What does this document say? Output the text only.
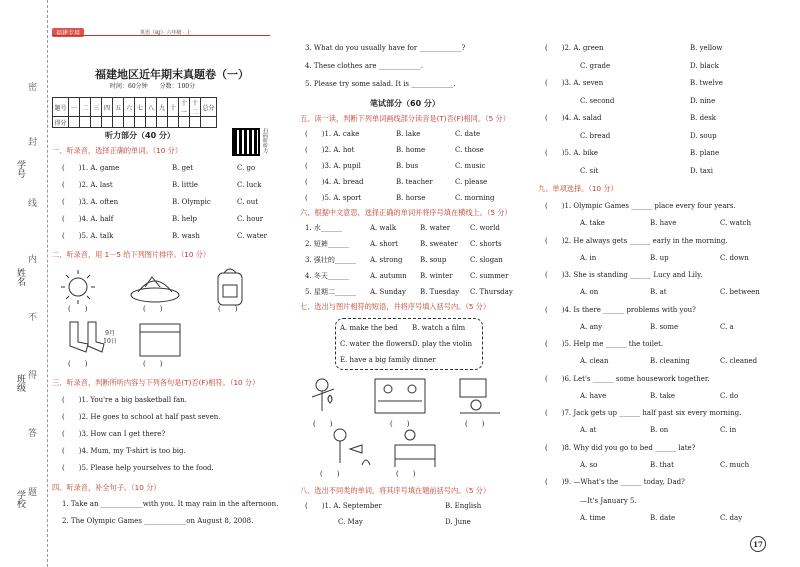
学号
姓名
班级
学校
密
封
线
内
不
得
答
题
福建专用	英语（RJ）· 六年级 · 上
福建地区近年期末真题卷（一）
时间：60分钟　　分数：100分
题号	一	二	三	四	五	六	七	八	九	十	十一	十二	总分
得分													
听力部分（40 分）	扫码听听力
一、听录音，选择正确的单词。（10 分）
二、听录音，用 1－5 给下列图片排序。（10 分）
(　　)	(　　)	(　　)
9月
10日
(　　)	(　　)
三、听录音，判断所听内容与下列各句是(T)否(F)相符。（10 分）
四、听录音，补全句子。（10 分）
1. Take an ____________with you. It may rain in the afternoon.
2. The Olympic Games ____________on August 8, 2008.
3. What do you usually have for ____________?
4. These clothes are ____________.
5. Please try some salad. It is ____________.
笔试部分（60 分）
五、读一读，判断下列单词画线部分读音是(T)否(F)相同。（5 分）
六、根据中文意思，选择正确的单词并将序号填在横线上。（5 分）
七、选出与图片相符的短语，并将序号填入括号内。（5 分）
A. make the bed B. watch a film
C. water the flowers D. play the violin
E. have a big family dinner
(　　)	(　　)	(　　)
(　　)	(　　)
八、选出不同类的单词，将其序号填在题前括号内。（5 分）
(　　)1. A. September	B. English
C. May	D. June
九、单项选择。（10 分）
—It's January 5.
17
(　　)1. A. game	B. get	C. go
(　　)2. A. last	B. little	C. luck
(　　)3. A. often	B. Olympic	C. out
(　　)4. A. half	B. help	C. hour
(　　)5. A. talk	B. wash	C. water
(　　)1. You're a big basketball fan.
(　　)2. He goes to school at half past seven.
(　　)3. How can I get there?
(　　)4. Mum, my T-shirt is too big.
(　　)5. Please help yourselves to the food.
(　　)1. A. cake	B. lake	C. date
(　　)2. A. hot	B. home	C. those
(　　)3. A. pupil	B. bus	C. music
(　　)4. A. bread	B. teacher	C. please
(　　)5. A. sport	B. horse	C. morning
1. 水______	A. walk	B. water	C. world
2. 短裤______	A. short	B. sweater C. shorts
3. 强壮的______ A. strong	B. soup	C. slogan
4. 冬天______	A. autumn B. winter C. summer
5. 星期二______ A. Sunday B. Tuesday C. Thursday
(　　)2. A. green	B. yellow
C. grade	D. black
(　　)3. A. seven	B. twelve
C. second	D. nine
(　　)4. A. salad	B. desk
C. bread	D. soup
(　　)5. A. bike	B. plane
C. sit	D. taxi
(　　)1. Olympic Games ______ place every four years.
A. take	B. have	C. watch
(　　)2. He always gets ______ early in the morning.
A. in	B. up	C. down
(　　)3. She is standing ______ Lucy and Lily.
A. on	B. at	C. between
(　　)4. Is there ______ problems with you?
A. any	B. some	C. a
(　　)5. Help me ______ the toilet.
A. clean	B. cleaning	C. cleaned
(　　)6. Let's ______ some housework together.
A. have	B. take	C. do
(　　)7. Jack gets up ______ half past six every morning.
A. at	B. on	C. in
(　　)8. Why did you go to bed ______ late?
A. so	B. that	C. much
(　　)9. —What's the ______ today, Dad?
A. time	B. date	C. day
